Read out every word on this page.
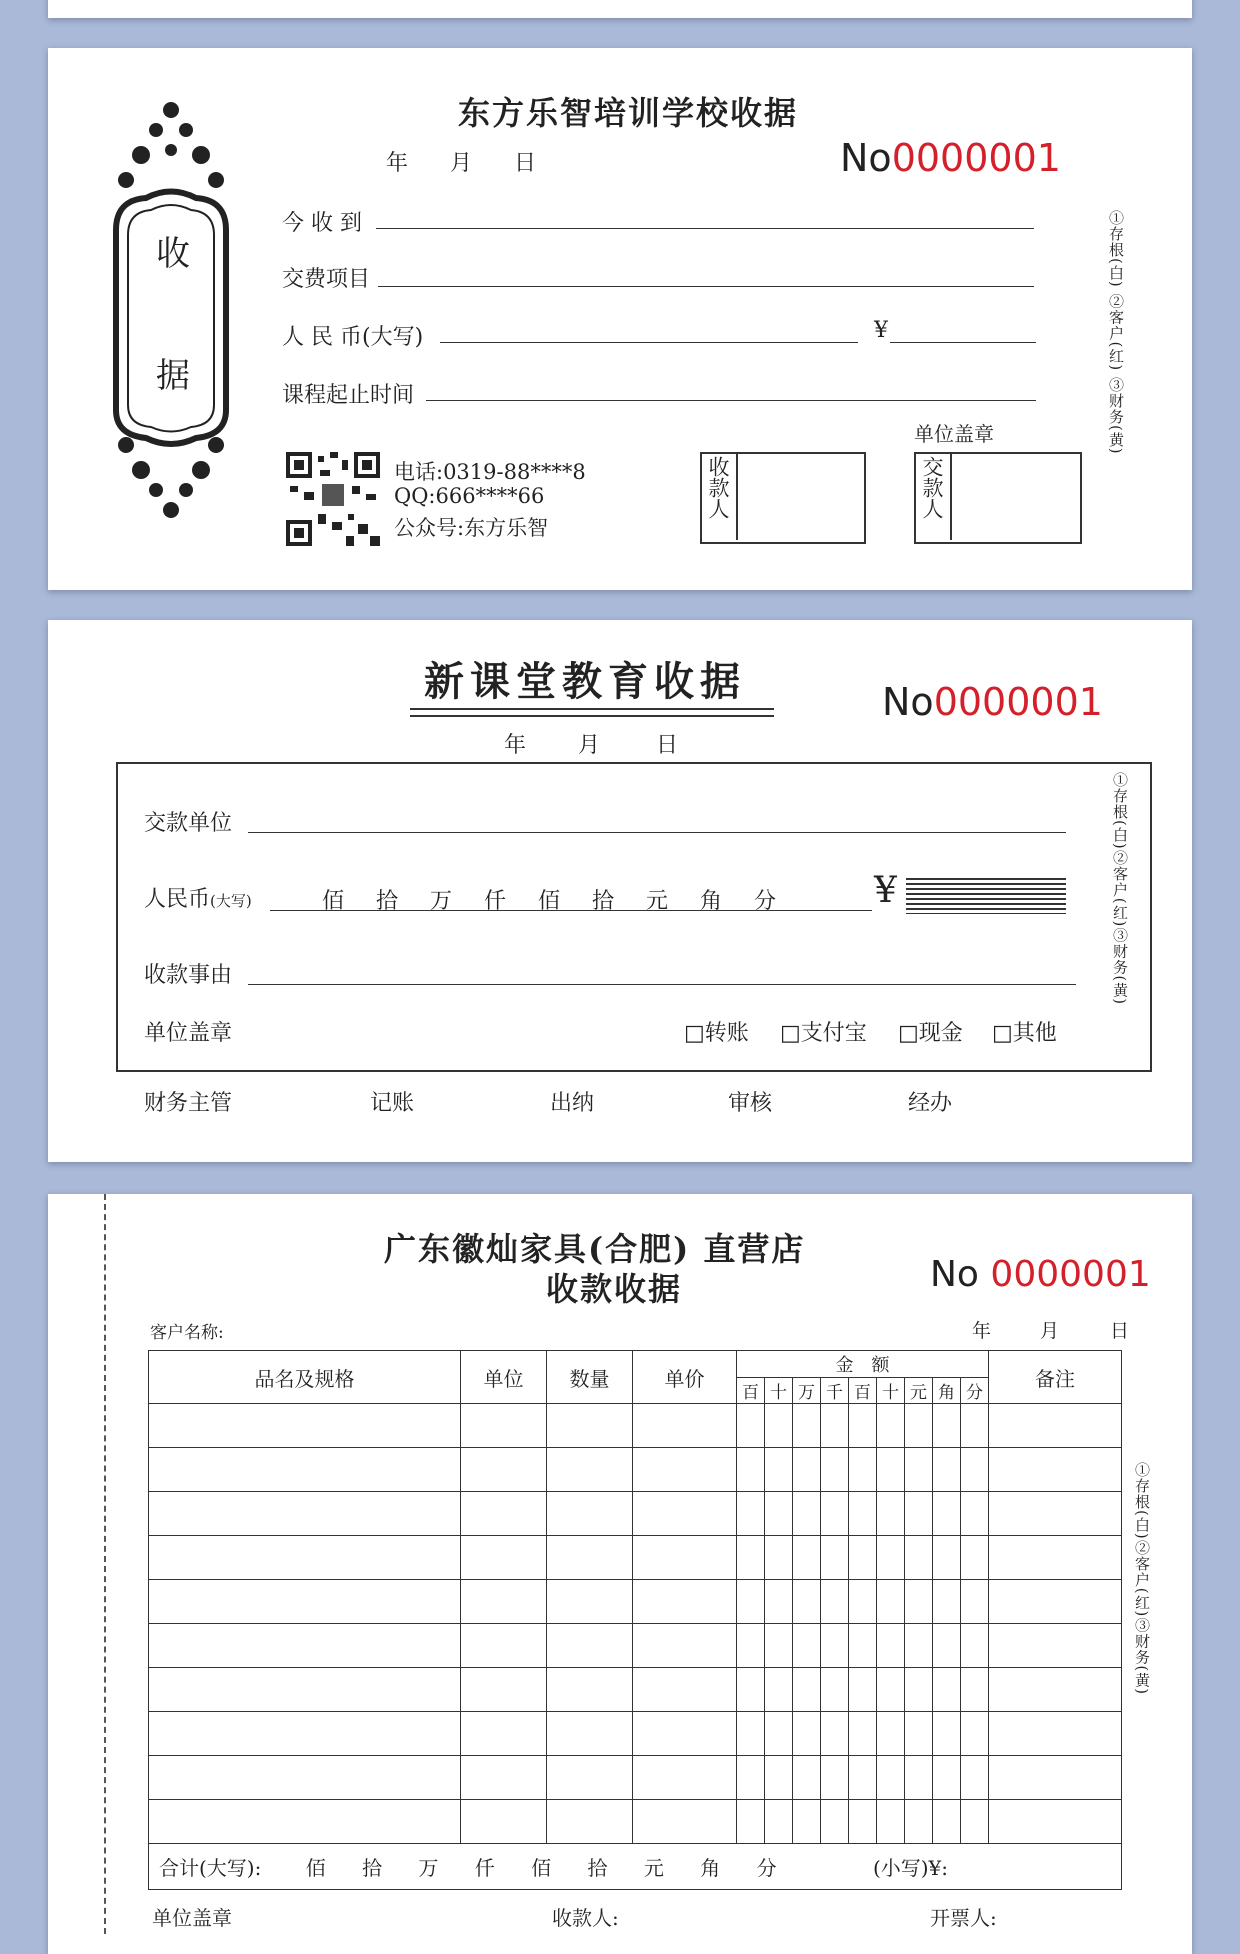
收
据
东方乐智培训学校收据
年 月 日	No0000001
今 收 到
交费项目
人 民 币(大写)	¥
课程起止时间
电话:0319-88****8
QQ:666****66
公众号:东方乐智
收款人
单位盖章
交款人
①存根(白) ②客户(红) ③财务(黄)
新课堂教育收据
年 月	日
No0000001
交款单位
人民币(大写)	佰 拾 万 仟 佰 拾 元 角 分	¥
收款事由
单位盖章	□转账 □支付宝 □现金 □其他
财务主管	记账	出纳	审核	经办
①存根(白)②客户(红)③财务(黄)
广东徽灿家具(合肥) 直营店
收款收据	No 0000001
客户名称:	年	月	日
品名及规格	单位	数量	单价	金　额									备注
				百	十	万	千	百	十	元	角	分	

合计(大写): 佰 拾 万 仟 佰 拾 元 角 分 (小写)¥:													
单位盖章	收款人:	开票人:
①存根(白)②客户(红)③财务(黄)
